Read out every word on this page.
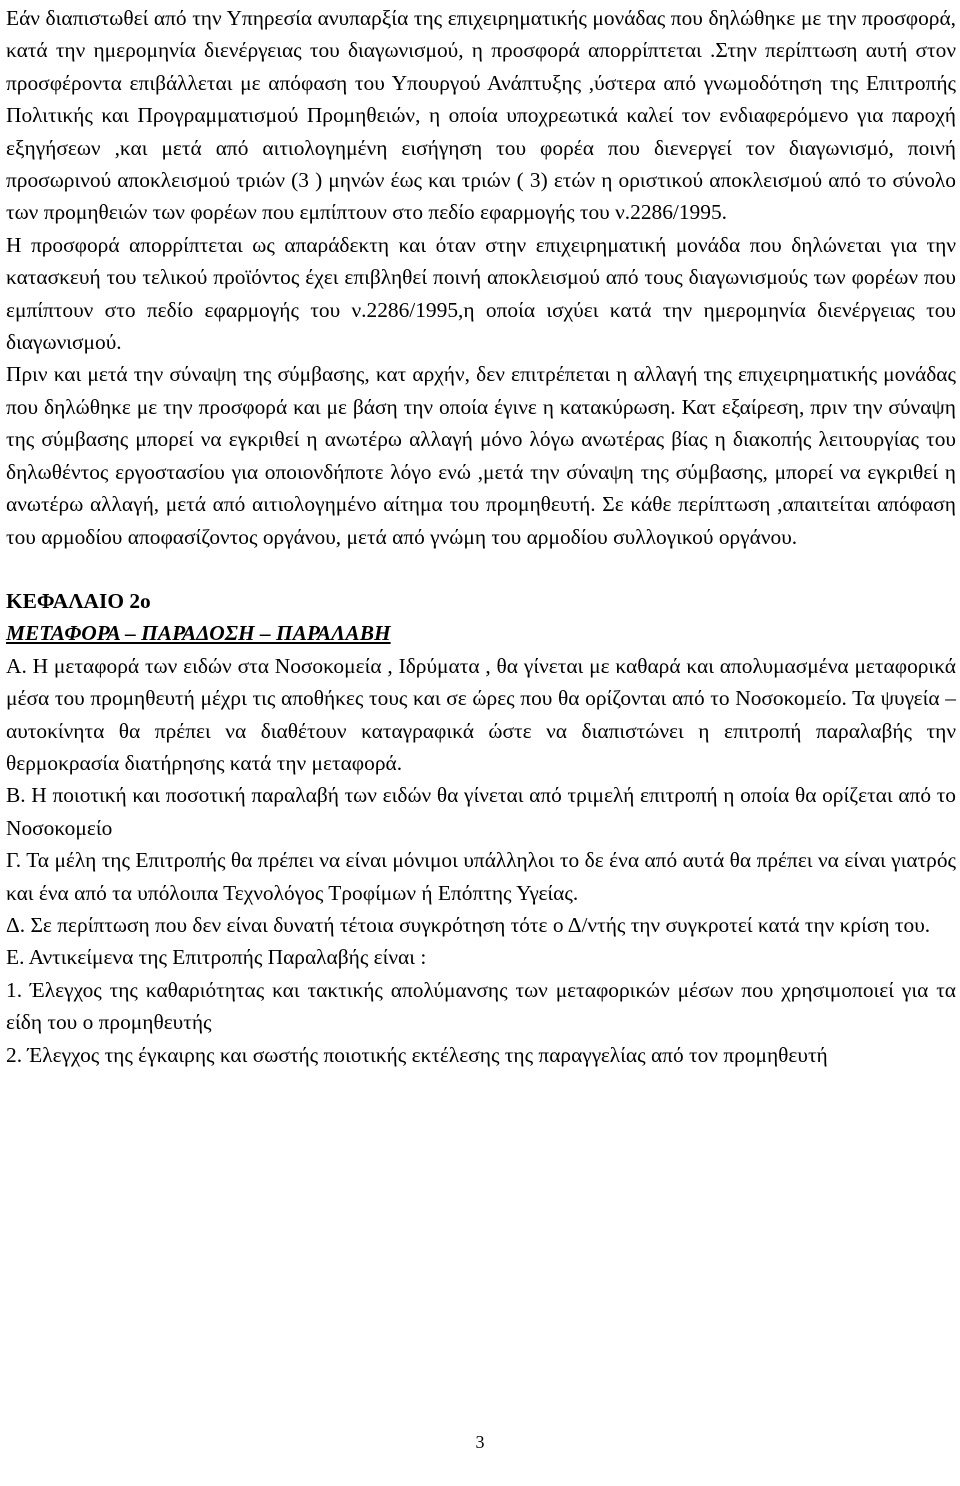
Εάν διαπιστωθεί από την Υπηρεσία ανυπαρξία της επιχειρηματικής μονάδας που δηλώθηκε με την προσφορά, κατά την ημερομηνία διενέργειας του διαγωνισμού, η προσφορά απορρίπτεται .Στην περίπτωση αυτή στον προσφέροντα επιβάλλεται με απόφαση του Υπουργού Ανάπτυξης ,ύστερα από γνωμοδότηση της Επιτροπής Πολιτικής και Προγραμματισμού Προμηθειών, η οποία υποχρεωτικά καλεί τον ενδιαφερόμενο για παροχή εξηγήσεων ,και μετά από αιτιολογημένη εισήγηση του φορέα που διενεργεί τον διαγωνισμό, ποινή προσωρινού αποκλεισμού τριών (3 ) μηνών έως και τριών ( 3) ετών η οριστικού αποκλεισμού από το σύνολο των προμηθειών των φορέων που εμπίπτουν στο πεδίο εφαρμογής του ν.2286/1995.

Η προσφορά απορρίπτεται ως απαράδεκτη και όταν στην επιχειρηματική μονάδα που δηλώνεται για την κατασκευή του τελικού προϊόντος έχει επιβληθεί ποινή αποκλεισμού από τους διαγωνισμούς των φορέων που εμπίπτουν στο πεδίο εφαρμογής του ν.2286/1995,η οποία ισχύει κατά την ημερομηνία διενέργειας του διαγωνισμού.

Πριν και μετά την σύναψη της σύμβασης, κατ αρχήν, δεν επιτρέπεται η αλλαγή της επιχειρηματικής μονάδας που δηλώθηκε με την προσφορά και με βάση την οποία έγινε η κατακύρωση. Κατ εξαίρεση, πριν την σύναψη της σύμβασης μπορεί να εγκριθεί η ανωτέρω αλλαγή μόνο λόγω ανωτέρας βίας η διακοπής λειτουργίας του δηλωθέντος εργοστασίου για οποιονδήποτε λόγο ενώ ,μετά την σύναψη της σύμβασης, μπορεί να εγκριθεί η ανωτέρω αλλαγή, μετά από αιτιολογημένο αίτημα του προμηθευτή. Σε κάθε περίπτωση ,απαιτείται απόφαση του αρμοδίου αποφασίζοντος οργάνου, μετά από γνώμη του αρμοδίου συλλογικού οργάνου.

ΚΕΦΑΛΑΙΟ 2ο

ΜΕΤΑΦΟΡΑ – ΠΑΡΑΔΟΣΗ – ΠΑΡΑΛΑΒΗ

Α. Η μεταφορά των ειδών στα Νοσοκομεία , Ιδρύματα , θα γίνεται με καθαρά και απολυμασμένα μεταφορικά μέσα του προμηθευτή μέχρι τις αποθήκες τους και σε ώρες που θα ορίζονται από το Νοσοκομείο. Τα ψυγεία –αυτοκίνητα θα πρέπει να διαθέτουν καταγραφικά ώστε να διαπιστώνει η επιτροπή παραλαβής την θερμοκρασία διατήρησης κατά την μεταφορά.

Β. Η ποιοτική και ποσοτική παραλαβή των ειδών θα γίνεται από τριμελή επιτροπή η οποία θα ορίζεται από το Νοσοκομείο

Γ. Τα μέλη της Επιτροπής θα πρέπει να είναι μόνιμοι υπάλληλοι το δε ένα από αυτά θα πρέπει να είναι γιατρός και ένα από τα υπόλοιπα Τεχνολόγος Τροφίμων ή Επόπτης Υγείας.

Δ. Σε περίπτωση που δεν είναι δυνατή τέτοια συγκρότηση τότε ο Δ/ντής την συγκροτεί κατά την κρίση του.

Ε. Αντικείμενα της Επιτροπής Παραλαβής είναι :

1. Έλεγχος της καθαριότητας και τακτικής απολύμανσης των μεταφορικών μέσων που χρησιμοποιεί για τα είδη του ο προμηθευτής

2. Έλεγχος της έγκαιρης και σωστής ποιοτικής εκτέλεσης της παραγγελίας από τον προμηθευτή

3
